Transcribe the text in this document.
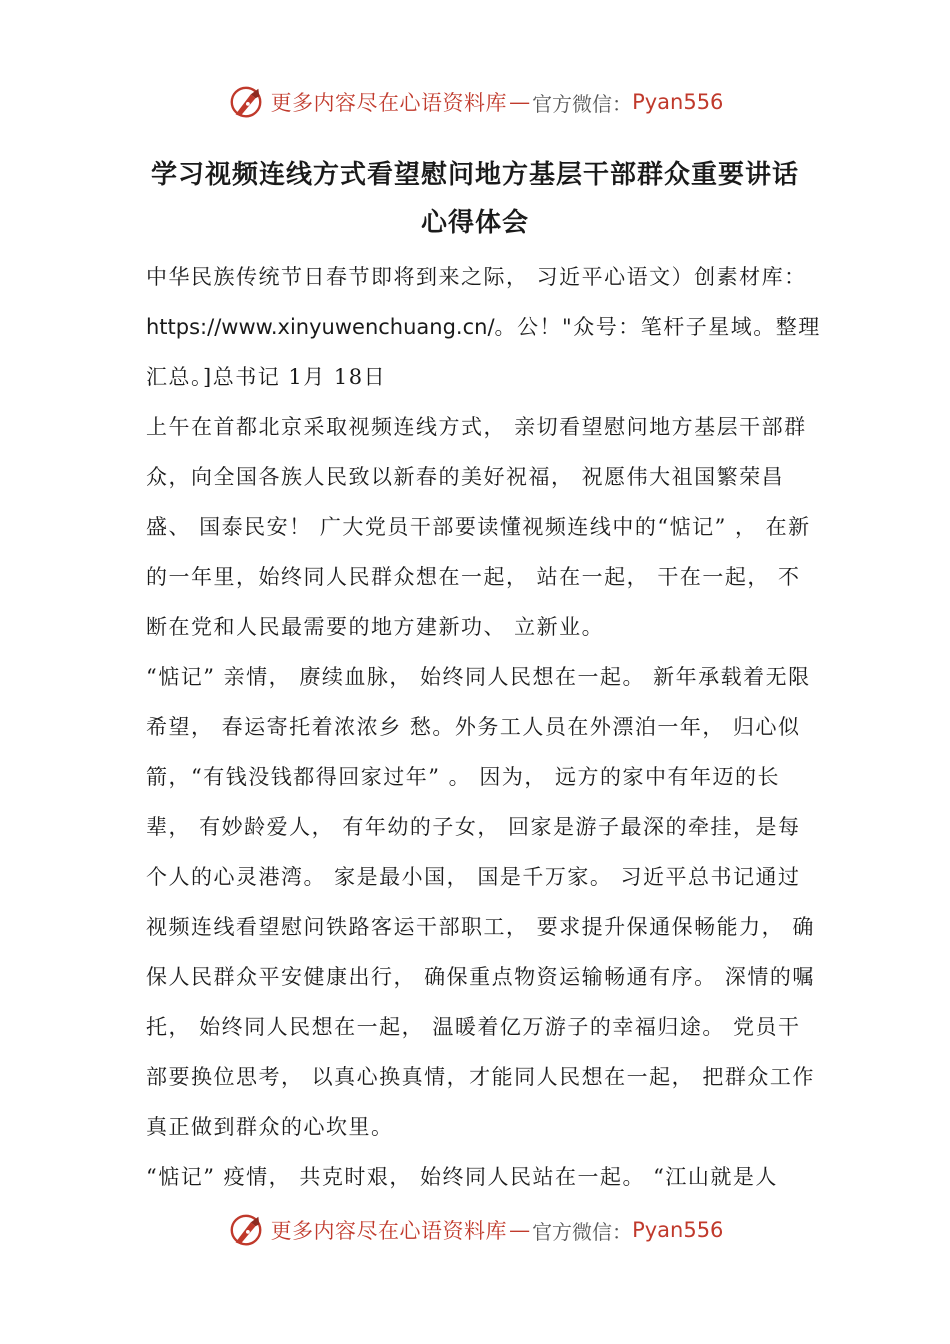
更多内容尽在心语资料库 — 官方微信： Pyan556
学习视频连线方式看望慰问地方基层干部群众重要讲话
心得体会

中华民族传统节日春节即将到来之际， 习近平心语文）创素材库：https://www.xinyuwenchuang.cn/。公！"众号：笔杆子星域。整理汇总。]总书记 1月 18日

上午在首都北京采取视频连线方式， 亲切看望慰问地方基层干部群众，向全国各族人民致以新春的美好祝福， 祝愿伟大祖国繁荣昌盛、 国泰民安！ 广大党员干部要读懂视频连线中的“惦记” ， 在新的一年里，始终同人民群众想在一起， 站在一起， 干在一起， 不断在党和人民最需要的地方建新功、 立新业。

“惦记” 亲情， 赓续血脉， 始终同人民想在一起。 新年承载着无限希望， 春运寄托着浓浓乡 愁。外务工人员在外漂泊一年， 归心似箭，“有钱没钱都得回家过年” 。 因为， 远方的家中有年迈的长辈， 有妙龄爱人， 有年幼的子女， 回家是游子最深的牵挂，是每个人的心灵港湾。 家是最小国， 国是千万家。 习近平总书记通过视频连线看望慰问铁路客运干部职工， 要求提升保通保畅能力， 确保人民群众平安健康出行， 确保重点物资运输畅通有序。 深情的嘱托， 始终同人民想在一起， 温暖着亿万游子的幸福归途。 党员干部要换位思考， 以真心换真情，才能同人民想在一起， 把群众工作真正做到群众的心坎里。

“惦记” 疫情， 共克时艰， 始终同人民站在一起。 “江山就是人

更多内容尽在心语资料库 — 官方微信： Pyan556
